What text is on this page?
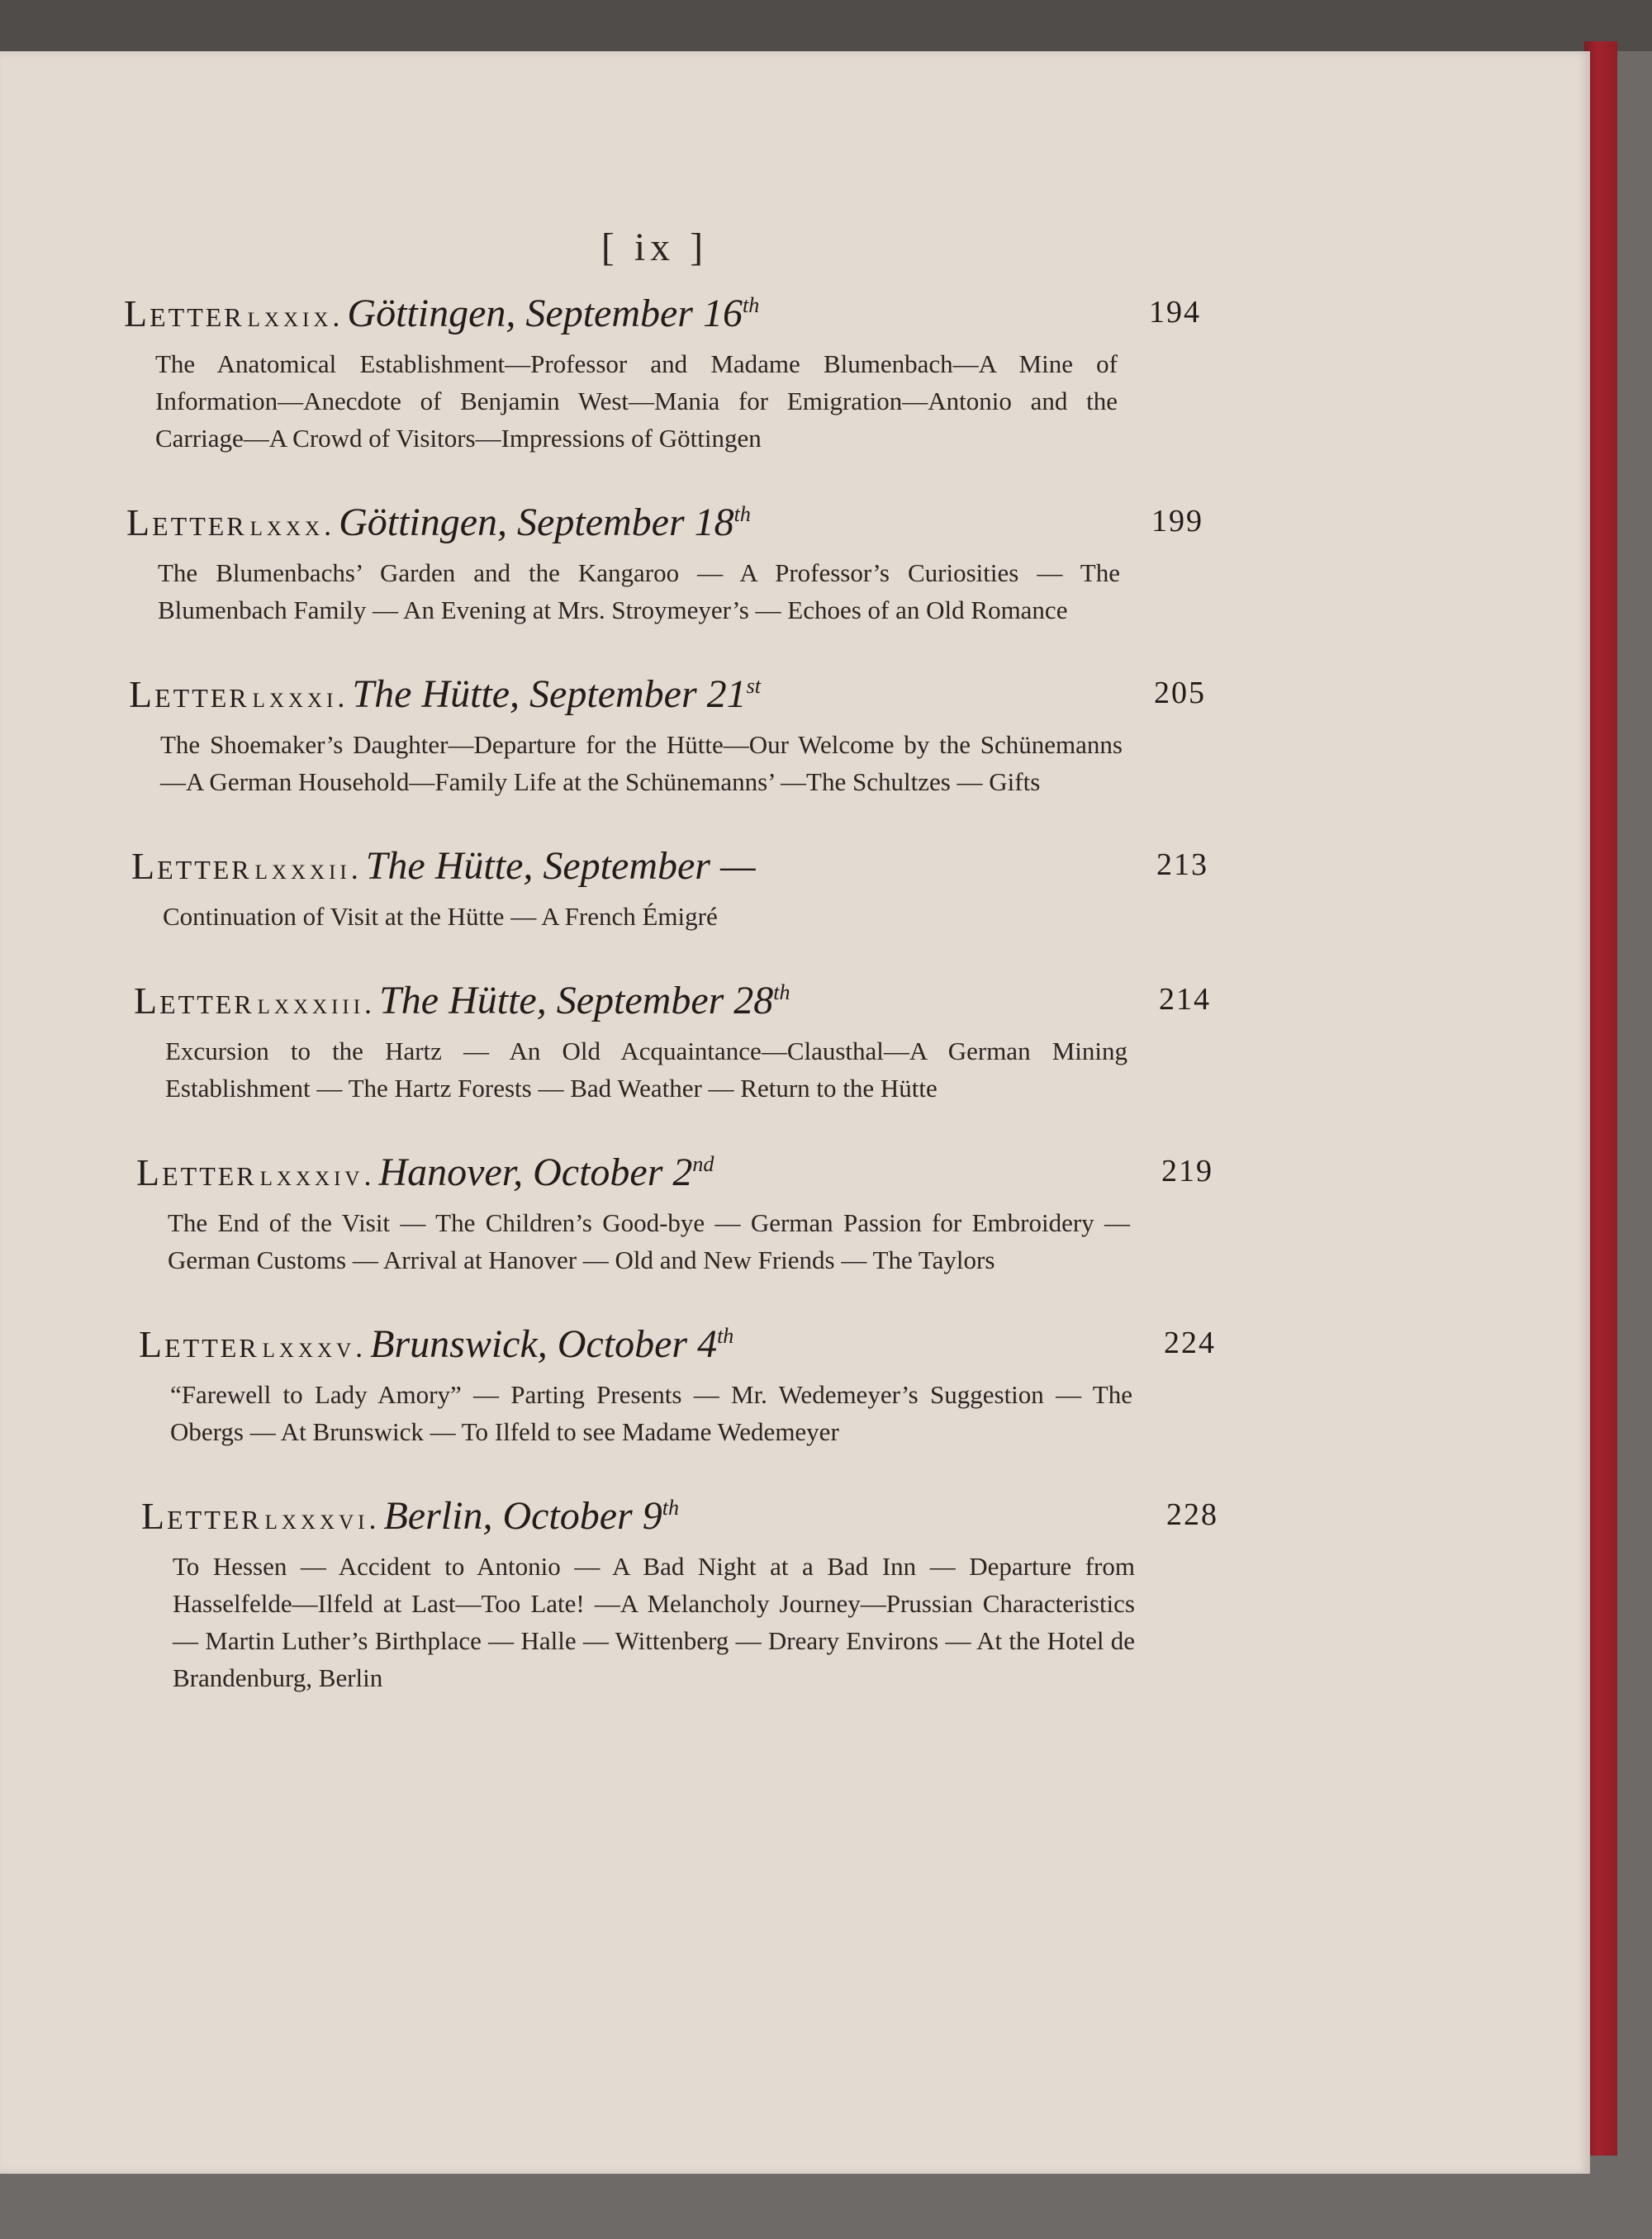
[ ix ]
Letter lxxix. Göttingen, September 16th	194
The Anatomical Establishment—Professor and Madame Blumenbach—A Mine of Information—Anecdote of Benjamin West—Mania for Emigration—Antonio and the Carriage—A Crowd of Visitors—Impressions of Göttingen
Letter lxxx. Göttingen, September 18th	199
The Blumenbachs’ Garden and the Kangaroo — A Professor’s Curiosities — The Blumenbach Family — An Evening at Mrs. Stroymeyer’s — Echoes of an Old Romance
Letter lxxxi. The Hütte, September 21st	205
The Shoemaker’s Daughter—Departure for the Hütte—Our Welcome by the Schünemanns —A German Household—Family Life at the Schünemanns’ —The Schultzes — Gifts
Letter lxxxii. The Hütte, September —	213
Continuation of Visit at the Hütte — A French Émigré
Letter lxxxiii. The Hütte, September 28th	214
Excursion to the Hartz — An Old Acquaintance—Clausthal—A German Mining Establishment — The Hartz Forests — Bad Weather — Return to the Hütte
Letter lxxxiv. Hanover, October 2nd	219
The End of the Visit — The Children’s Good-bye — German Passion for Embroidery — German Customs — Arrival at Hanover — Old and New Friends — The Taylors
Letter lxxxv. Brunswick, October 4th	224
“Farewell to Lady Amory” — Parting Presents — Mr. Wedemeyer’s Suggestion — The Obergs — At Brunswick — To Ilfeld to see Madame Wedemeyer
Letter lxxxvi. Berlin, October 9th	228
To Hessen — Accident to Antonio — A Bad Night at a Bad Inn — Departure from Hasselfelde—Ilfeld at Last—Too Late! —A Melancholy Journey—Prussian Characteristics — Martin Luther’s Birthplace — Halle — Wittenberg — Dreary Environs — At the Hotel de Brandenburg, Berlin
